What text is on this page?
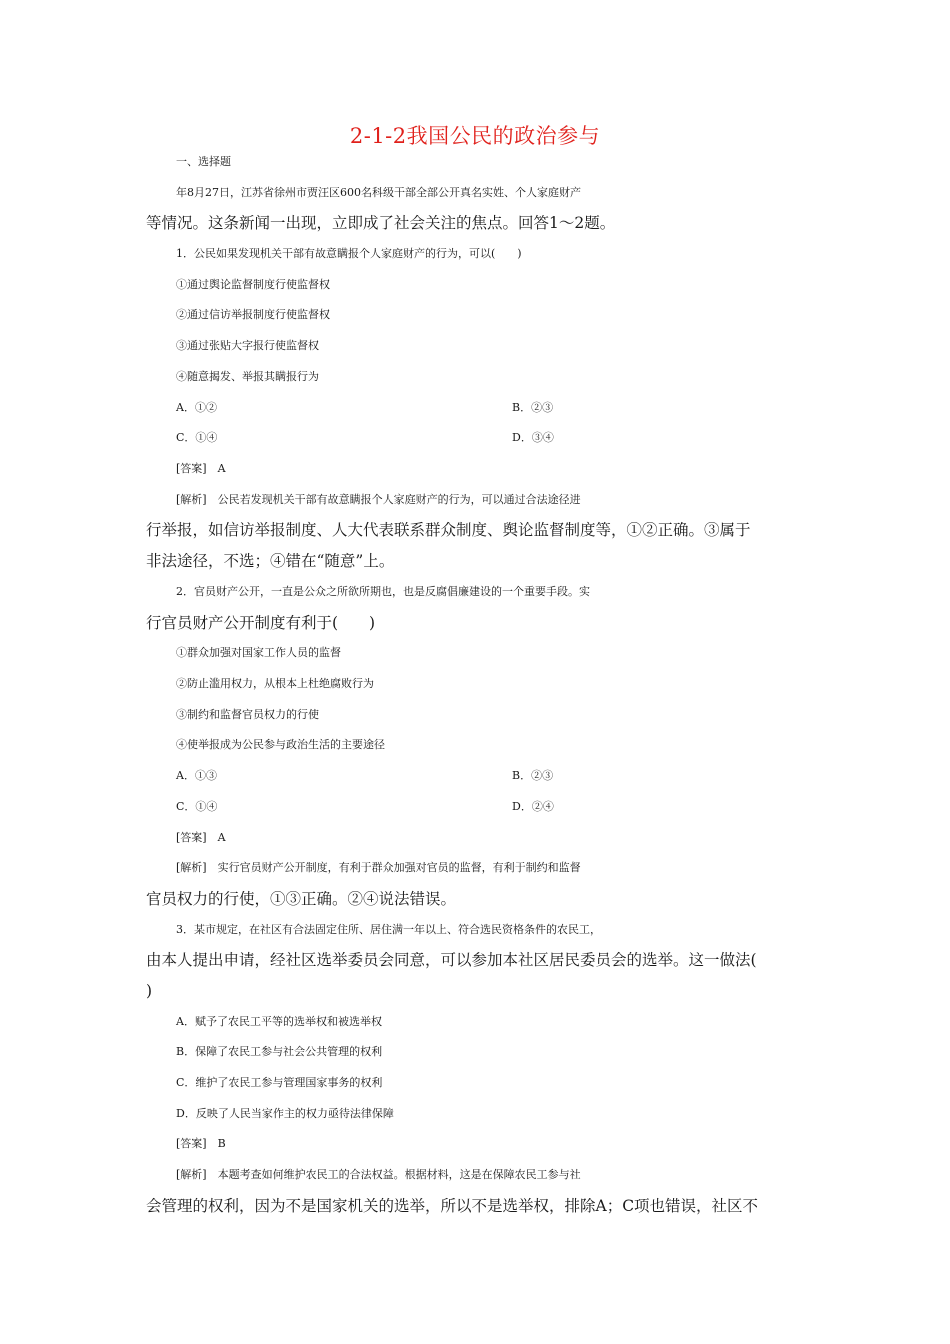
2-1-2我国公民的政治参与
一、选择题
年8月27日，江苏省徐州市贾汪区600名科级干部全部公开真名实姓、个人家庭财产
等情况。这条新闻一出现，立即成了社会关注的焦点。回答1～2题。
1．公民如果发现机关干部有故意瞒报个人家庭财产的行为，可以(　　)
①通过舆论监督制度行使监督权
②通过信访举报制度行使监督权
③通过张贴大字报行使监督权
④随意揭发、举报其瞒报行为
A．①②	B．②③
C．①④	D．③④
[答案]　A
[解析]　公民若发现机关干部有故意瞒报个人家庭财产的行为，可以通过合法途径进
行举报，如信访举报制度、人大代表联系群众制度、舆论监督制度等，①②正确。③属于
非法途径，不选；④错在“随意”上。
2．官员财产公开，一直是公众之所欲所期也，也是反腐倡廉建设的一个重要手段。实
行官员财产公开制度有利于(　　)
①群众加强对国家工作人员的监督
②防止滥用权力，从根本上杜绝腐败行为
③制约和监督官员权力的行使
④使举报成为公民参与政治生活的主要途径
A．①③	B．②③
C．①④	D．②④
[答案]　A
[解析]　实行官员财产公开制度，有利于群众加强对官员的监督，有利于制约和监督
官员权力的行使，①③正确。②④说法错误。
3．某市规定，在社区有合法固定住所、居住满一年以上、符合选民资格条件的农民工，
由本人提出申请，经社区选举委员会同意，可以参加本社区居民委员会的选举。这一做法(
)
A．赋予了农民工平等的选举权和被选举权
B．保障了农民工参与社会公共管理的权利
C．维护了农民工参与管理国家事务的权利
D．反映了人民当家作主的权力亟待法律保障
[答案]　B
[解析]　本题考查如何维护农民工的合法权益。根据材料，这是在保障农民工参与社
会管理的权利，因为不是国家机关的选举，所以不是选举权，排除A；C项也错误，社区不
